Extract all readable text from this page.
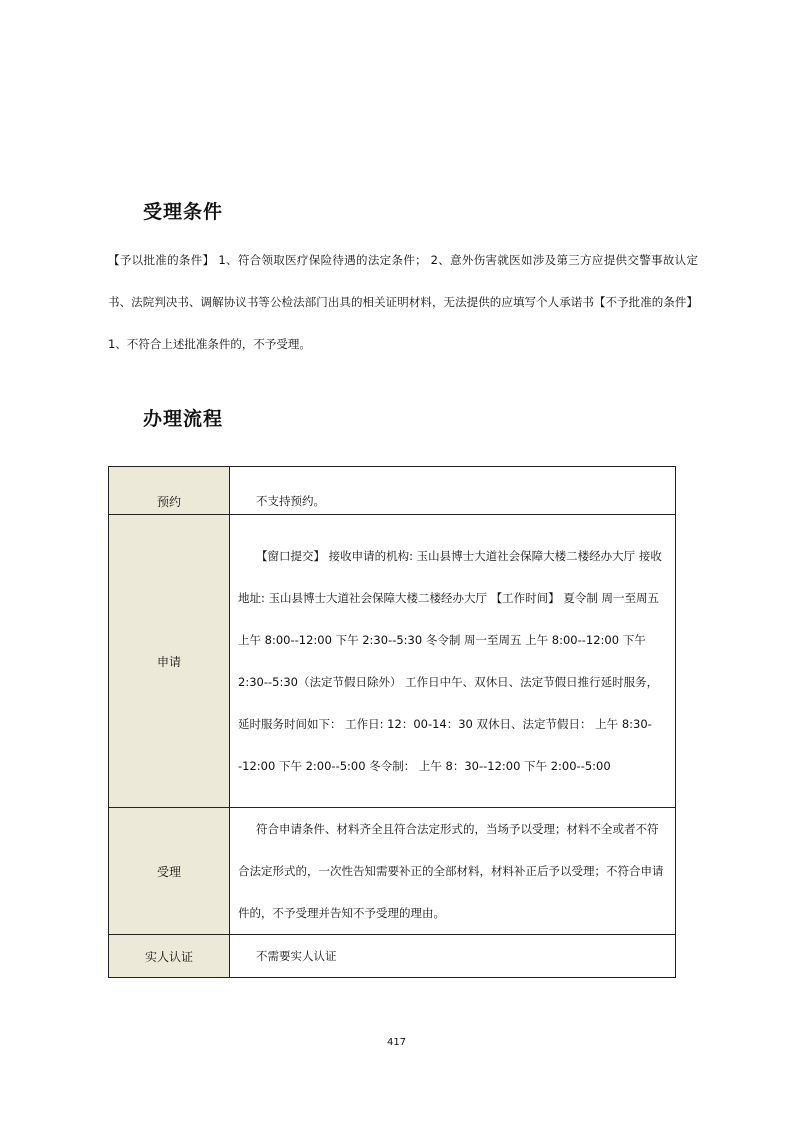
受理条件

【予以批准的条件】 1、符合领取医疗保险待遇的法定条件； 2、意外伤害就医如涉及第三方应提供交警事故认定书、法院判决书、调解协议书等公检法部门出具的相关证明材料，无法提供的应填写个人承诺书【不予批准的条件】 1、不符合上述批准条件的，不予受理。

办理流程
预约	不支持预约。
申请	【窗口提交】 接收申请的机构: 玉山县博士大道社会保障大楼二楼经办大厅 接收地址: 玉山县博士大道社会保障大楼二楼经办大厅 【工作时间】 夏令制 周一至周五 上午 8:00--12:00 下午 2:30--5:30 冬令制 周一至周五 上午 8:00--12:00 下午 2:30--5:30（法定节假日除外） 工作日中午、双休日、法定节假日推行延时服务，延时服务时间如下： 工作日: 12：00-14：30 双休日、法定节假日： 上午 8:30--12:00 下午 2:00--5:00 冬令制： 上午 8：30--12:00 下午 2:00--5:00
受理	符合申请条件、材料齐全且符合法定形式的，当场予以受理；材料不全或者不符合法定形式的，一次性告知需要补正的全部材料，材料补正后予以受理；不符合申请件的，不予受理并告知不予受理的理由。
实人认证	不需要实人认证
417
